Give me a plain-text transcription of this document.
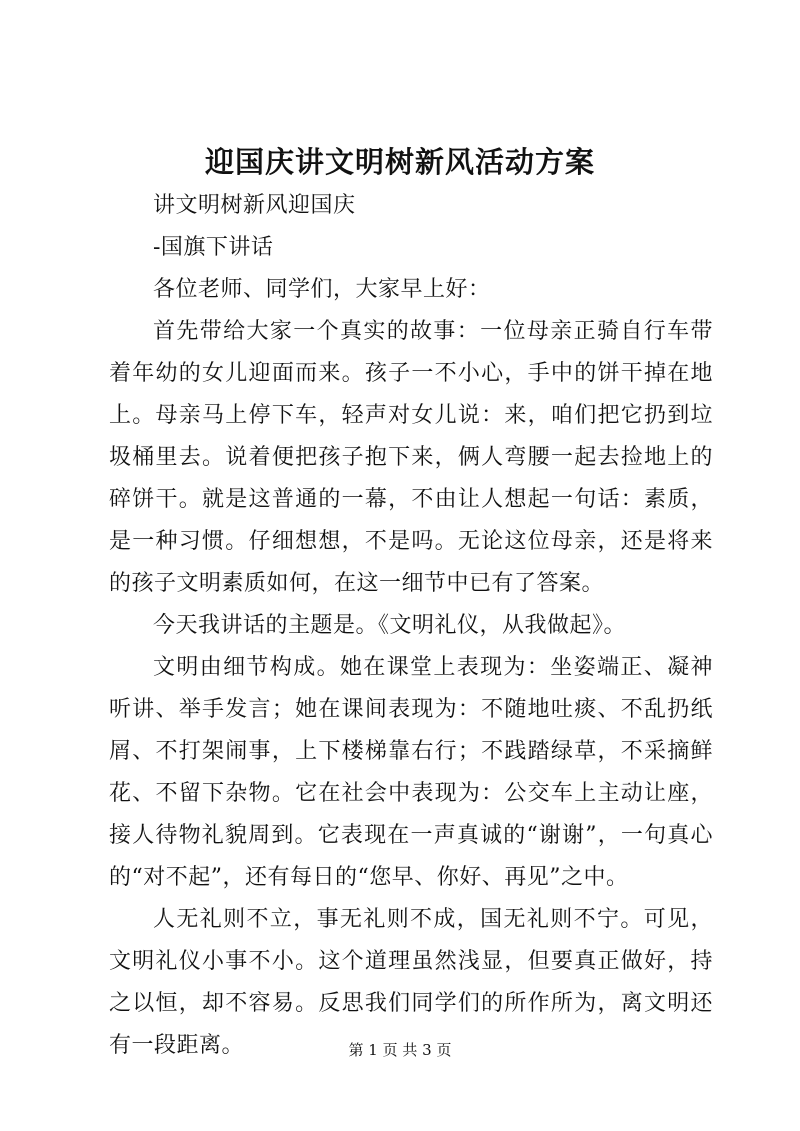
迎国庆讲文明树新风活动方案

讲文明树新风迎国庆

-国旗下讲话

各位老师、同学们，大家早上好：

首先带给大家一个真实的故事：一位母亲正骑自行车带着年幼的女儿迎面而来。孩子一不小心，手中的饼干掉在地上。母亲马上停下车，轻声对女儿说：来，咱们把它扔到垃圾桶里去。说着便把孩子抱下来，俩人弯腰一起去捡地上的碎饼干。就是这普通的一幕，不由让人想起一句话：素质，是一种习惯。仔细想想，不是吗。无论这位母亲，还是将来的孩子文明素质如何，在这一细节中已有了答案。

今天我讲话的主题是。《文明礼仪，从我做起》。

文明由细节构成。她在课堂上表现为：坐姿端正、凝神听讲、举手发言；她在课间表现为：不随地吐痰、不乱扔纸屑、不打架闹事，上下楼梯靠右行；不践踏绿草，不采摘鲜花、不留下杂物。它在社会中表现为：公交车上主动让座，接人待物礼貌周到。它表现在一声真诚的“谢谢”，一句真心的“对不起”，还有每日的“您早、你好、再见”之中。

人无礼则不立，事无礼则不成，国无礼则不宁。可见，文明礼仪小事不小。这个道理虽然浅显，但要真正做好，持之以恒，却不容易。反思我们同学们的所作所为，离文明还有一段距离。	第 1 页 共 3 页
